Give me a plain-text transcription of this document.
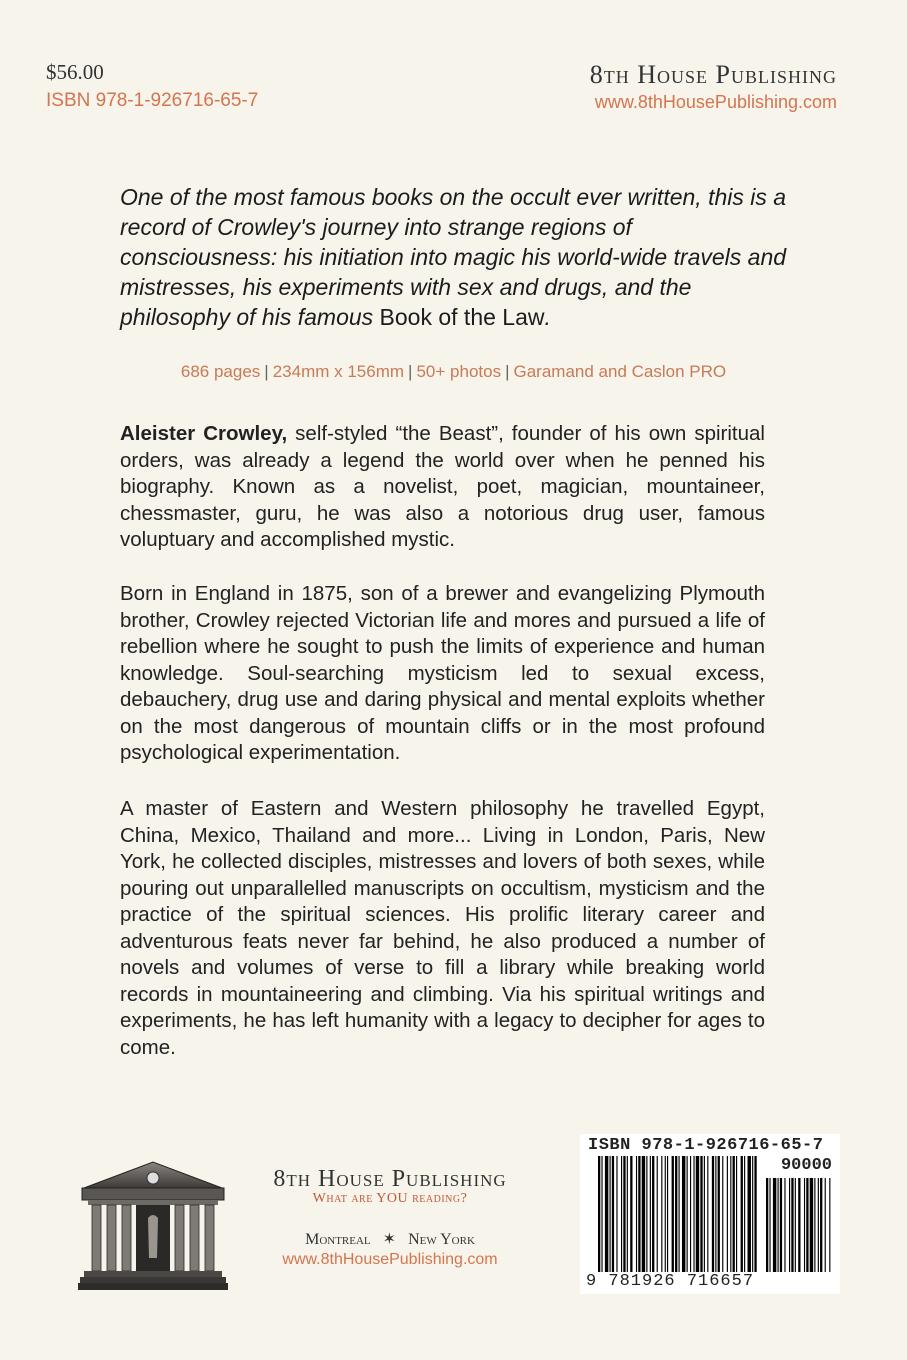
$56.00
ISBN 978-1-926716-65-7
8th House Publishing
www.8thHousePublishing.com
One of the most famous books on the occult ever written, this is a record of Crowley's journey into strange regions of consciousness: his initiation into magic his world-wide travels and mistresses, his experiments with sex and drugs, and the philosophy of his famous Book of the Law.
686 pages | 234mm x 156mm | 50+ photos | Garamand and Caslon PRO
Aleister Crowley, self-styled “the Beast”, founder of his own spiritual orders, was already a legend the world over when he penned his biography. Known as a novelist, poet, magician, mountaineer, chessmaster, guru, he was also a notorious drug user, famous voluptuary and accomplished mystic.
Born in England in 1875, son of a brewer and evangelizing Plymouth brother, Crowley rejected Victorian life and mores and pursued a life of rebellion where he sought to push the limits of experience and human knowledge. Soul-searching mysticism led to sexual excess, debauchery, drug use and daring physical and mental exploits whether on the most dangerous of mountain cliffs or in the most profound psychological experimentation.
A master of Eastern and Western philosophy he travelled Egypt, China, Mexico, Thailand and more... Living in London, Paris, New York, he collected disciples, mistresses and lovers of both sexes, while pouring out unparallelled manuscripts on occultism, mysticism and the practice of the spiritual sciences. His prolific literary career and adventurous feats never far behind, he also produced a number of novels and volumes of verse to fill a library while breaking world records in mountaineering and climbing. Via his spiritual writings and experiments, he has left humanity with a legacy to decipher for ages to come.
8th House Publishing
What are YOU reading?
Montreal ✶ New York
www.8thHousePublishing.com
ISBN 978-1-926716-65-7
90000
9 781926 716657
